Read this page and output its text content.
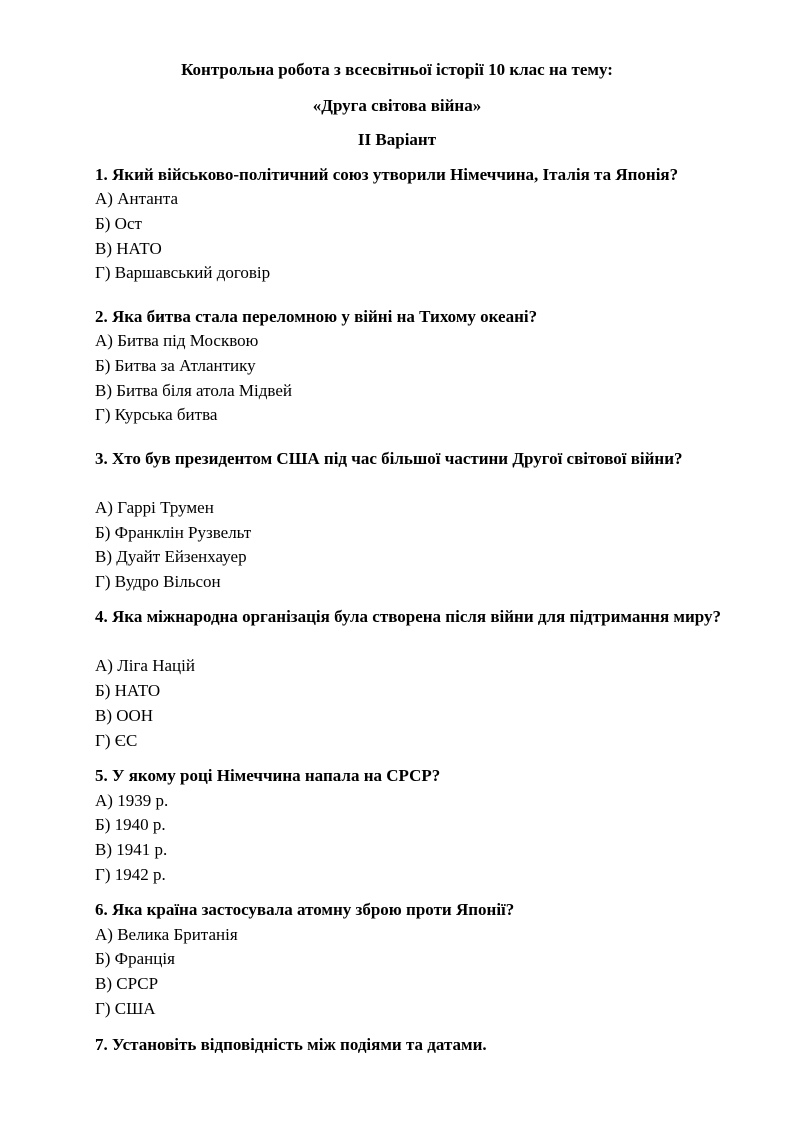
Контрольна робота з всесвітньої історії 10 клас на тему:
«Друга світова війна»
ІІ Варіант
1. Який військово-політичний союз утворили Німеччина, Італія та Японія?
А) Антанта
Б) Ост
В) НАТО
Г) Варшавський договір
2. Яка битва стала переломною у війні на Тихому океані?
А) Битва під Москвою
Б) Битва за Атлантику
В) Битва біля атола Мідвей
Г) Курська битва
3. Хто був президентом США під час більшої частини Другої світової війни?
А) Гаррі Трумен
Б) Франклін Рузвельт
В) Дуайт Ейзенхауер
Г) Вудро Вільсон
4. Яка міжнародна організація була створена після війни для підтримання миру?
А) Ліга Націй
Б) НАТО
В) ООН
Г) ЄС
5. У якому році Німеччина напала на СРСР?
А) 1939 р.
Б) 1940 р.
В) 1941 р.
Г) 1942 р.
6. Яка країна застосувала атомну зброю проти Японії?
А) Велика Британія
Б) Франція
В) СРСР
Г) США
7. Установіть відповідність між подіями та датами.
